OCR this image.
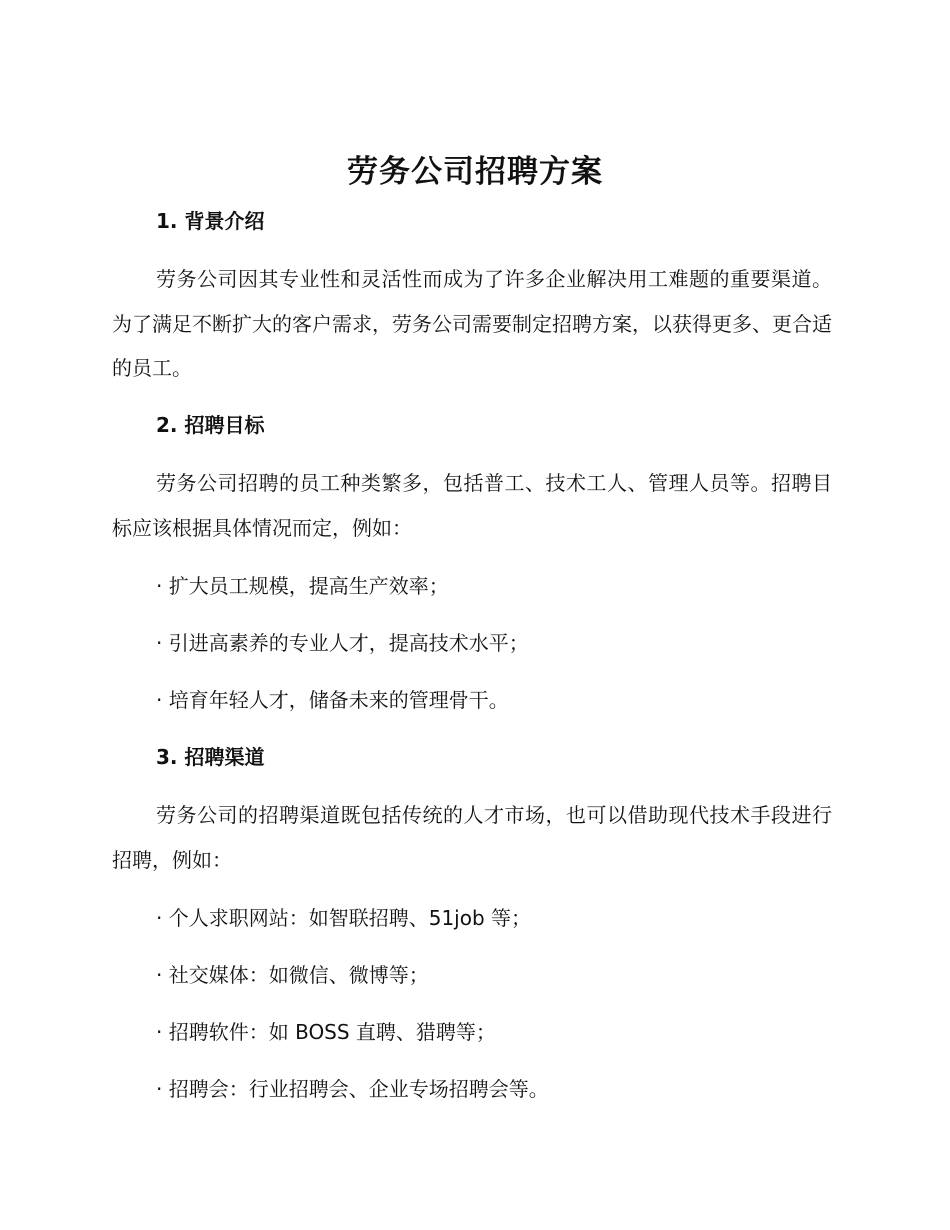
劳务公司招聘方案
1. 背景介绍
劳务公司因其专业性和灵活性而成为了许多企业解决用工难题的重要渠道。为了满足不断扩大的客户需求，劳务公司需要制定招聘方案，以获得更多、更合适的员工。
2. 招聘目标
劳务公司招聘的员工种类繁多，包括普工、技术工人、管理人员等。招聘目标应该根据具体情况而定，例如：
· 扩大员工规模，提高生产效率；
· 引进高素养的专业人才，提高技术水平；
· 培育年轻人才，储备未来的管理骨干。
3. 招聘渠道
劳务公司的招聘渠道既包括传统的人才市场，也可以借助现代技术手段进行招聘，例如：
· 个人求职网站：如智联招聘、51job 等；
· 社交媒体：如微信、微博等；
· 招聘软件：如 BOSS 直聘、猎聘等；
· 招聘会：行业招聘会、企业专场招聘会等。
